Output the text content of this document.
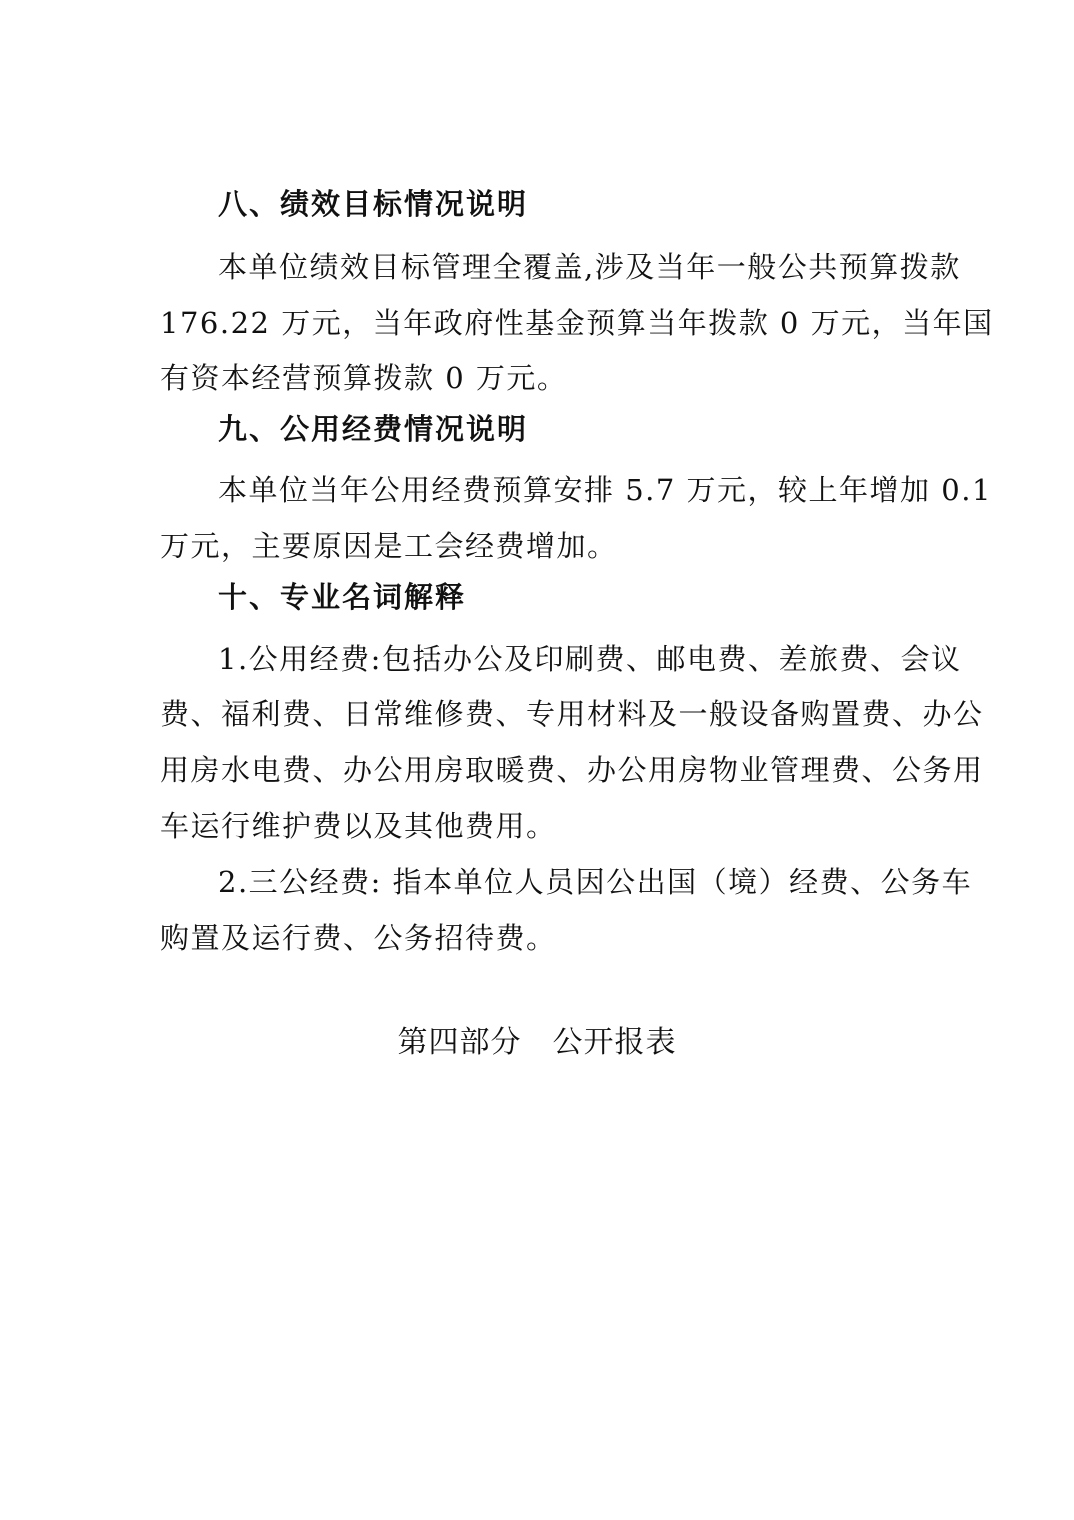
八、绩效目标情况说明
本单位绩效目标管理全覆盖,涉及当年一般公共预算拨款
176.22 万元，当年政府性基金预算当年拨款 0 万元，当年国
有资本经营预算拨款 0 万元。
九、公用经费情况说明
本单位当年公用经费预算安排 5.7 万元，较上年增加 0.1
万元，主要原因是工会经费增加。
十、专业名词解释
1.公用经费:包括办公及印刷费、邮电费、差旅费、会议
费、福利费、日常维修费、专用材料及一般设备购置费、办公
用房水电费、办公用房取暖费、办公用房物业管理费、公务用
车运行维护费以及其他费用。
2.三公经费: 指本单位人员因公出国（境）经费、公务车
购置及运行费、公务招待费。
第四部分　公开报表
